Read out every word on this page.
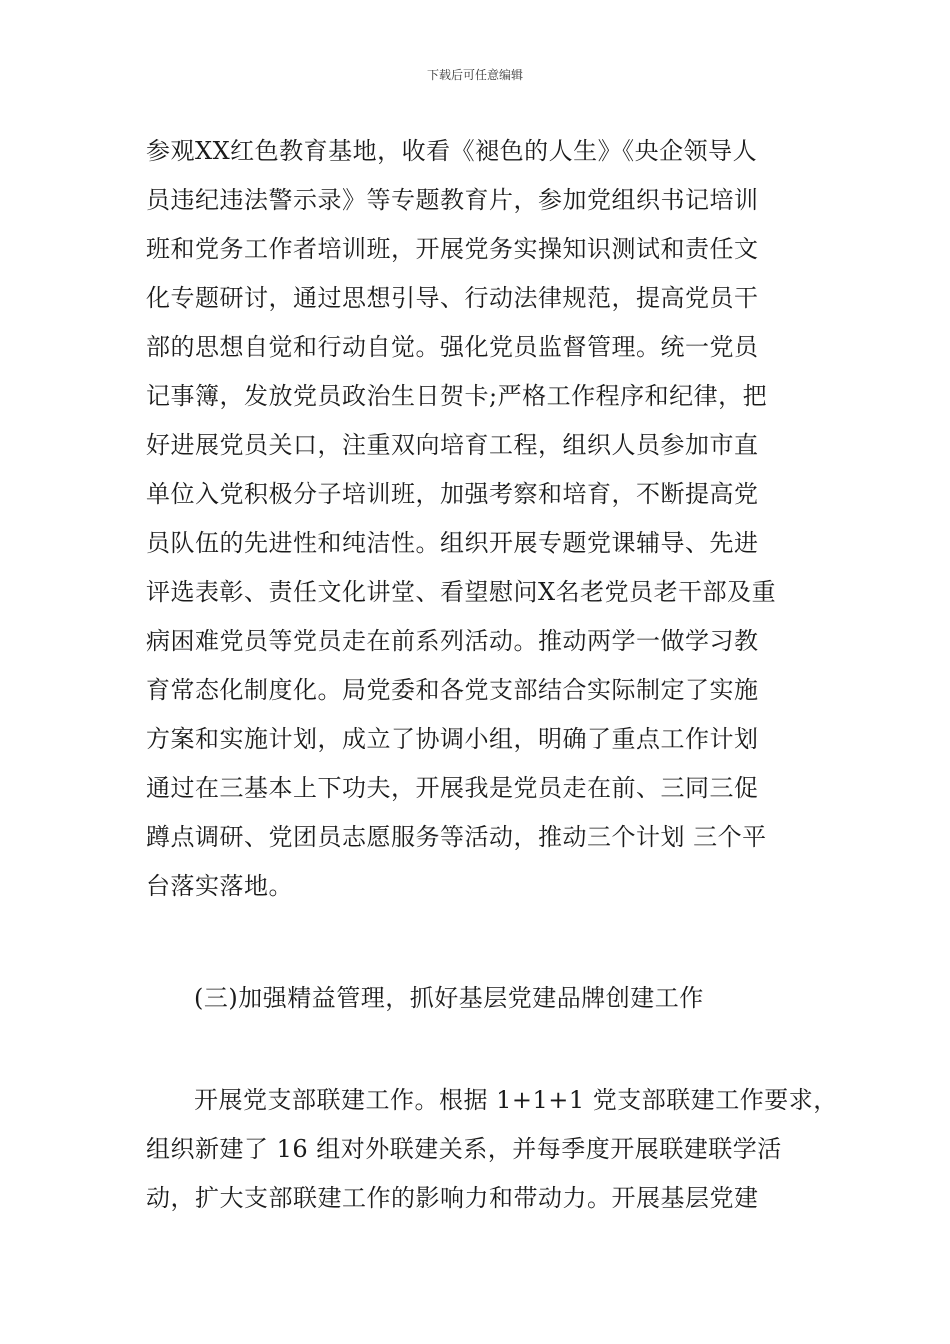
下载后可任意编辑
参观XX红色教育基地，收看《褪色的人生》《央企领导人
员违纪违法警示录》等专题教育片，参加党组织书记培训
班和党务工作者培训班，开展党务实操知识测试和责任文
化专题研讨，通过思想引导、行动法律规范，提高党员干
部的思想自觉和行动自觉。强化党员监督管理。统一党员
记事簿，发放党员政治生日贺卡;严格工作程序和纪律，把
好进展党员关口，注重双向培育工程，组织人员参加市直
单位入党积极分子培训班，加强考察和培育，不断提高党
员队伍的先进性和纯洁性。组织开展专题党课辅导、先进
评选表彰、责任文化讲堂、看望慰问X名老党员老干部及重
病困难党员等党员走在前系列活动。推动两学一做学习教
育常态化制度化。局党委和各党支部结合实际制定了实施
方案和实施计划，成立了协调小组，明确了重点工作计划
通过在三基本上下功夫，开展我是党员走在前、三同三促
蹲点调研、党团员志愿服务等活动，推动三个计划 三个平
台落实落地。
(三)加强精益管理，抓好基层党建品牌创建工作
开展党支部联建工作。根据 1+1+1 党支部联建工作要求，
组织新建了 16 组对外联建关系，并每季度开展联建联学活
动，扩大支部联建工作的影响力和带动力。开展基层党建
